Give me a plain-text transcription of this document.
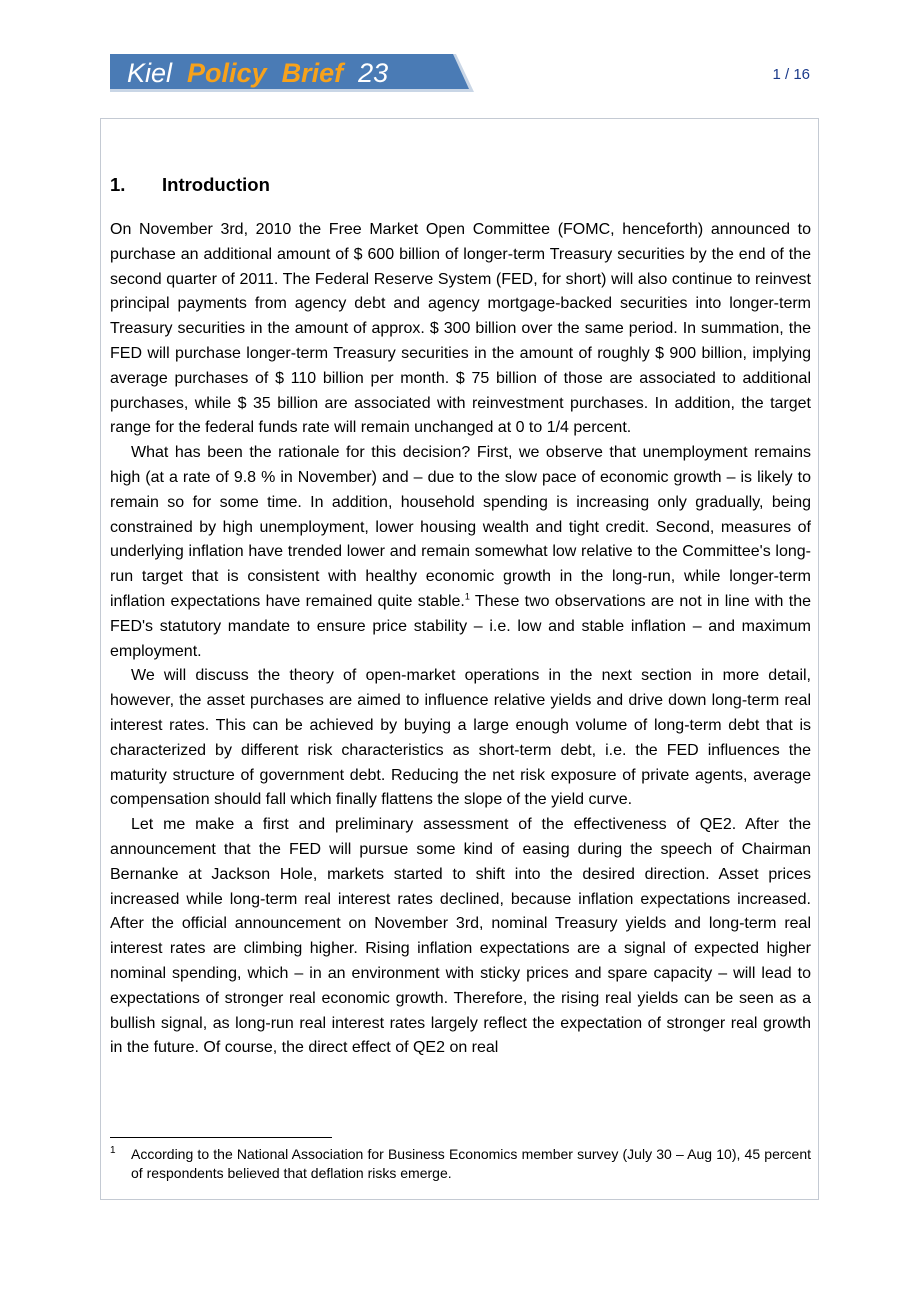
Kiel Policy Brief 23	1 / 16
1. Introduction

On November 3rd, 2010 the Free Market Open Committee (FOMC, henceforth) announced to purchase an additional amount of $ 600 billion of longer-term Treasury securities by the end of the second quarter of 2011. The Federal Reserve System (FED, for short) will also continue to reinvest principal payments from agency debt and agency mortgage-backed securities into longer-term Treasury securities in the amount of approx. $ 300 billion over the same period. In summation, the FED will purchase longer-term Treasury securities in the amount of roughly $ 900 billion, implying average purchases of $ 110 billion per month. $ 75 billion of those are associated to additional purchases, while $ 35 billion are associated with reinvestment purchases. In addition, the target range for the federal funds rate will remain unchanged at 0 to 1/4 percent.

What has been the rationale for this decision? First, we observe that unemployment remains high (at a rate of 9.8 % in November) and – due to the slow pace of economic growth – is likely to remain so for some time. In addition, household spending is increasing only gradually, being constrained by high unemployment, lower housing wealth and tight credit. Second, measures of underlying inflation have trended lower and remain somewhat low relative to the Committee's long-run target that is consistent with healthy economic growth in the long-run, while longer-term inflation expectations have remained quite stable.$^1$ These two observations are not in line with the FED's statutory mandate to ensure price stability – i.e. low and stable inflation – and maximum employment.

We will discuss the theory of open-market operations in the next section in more detail, however, the asset purchases are aimed to influence relative yields and drive down long-term real interest rates. This can be achieved by buying a large enough volume of long-term debt that is characterized by different risk characteristics as short-term debt, i.e. the FED influences the maturity structure of government debt. Reducing the net risk exposure of private agents, average compensation should fall which finally flattens the slope of the yield curve.

Let me make a first and preliminary assessment of the effectiveness of QE2. After the announcement that the FED will pursue some kind of easing during the speech of Chairman Bernanke at Jackson Hole, markets started to shift into the desired direction. Asset prices increased while long-term real interest rates declined, because inflation expectations increased. After the official announcement on November 3rd, nominal Treasury yields and long-term real interest rates are climbing higher. Rising inflation expectations are a signal of expected higher nominal spending, which – in an environment with sticky prices and spare capacity – will lead to expectations of stronger real economic growth. Therefore, the rising real yields can be seen as a bullish signal, as long-run real interest rates largely reflect the expectation of stronger real growth in the future. Of course, the direct effect of QE2 on real

1 According to the National Association for Business Economics member survey (July 30 – Aug 10), 45 percent of respondents believed that deflation risks emerge.
